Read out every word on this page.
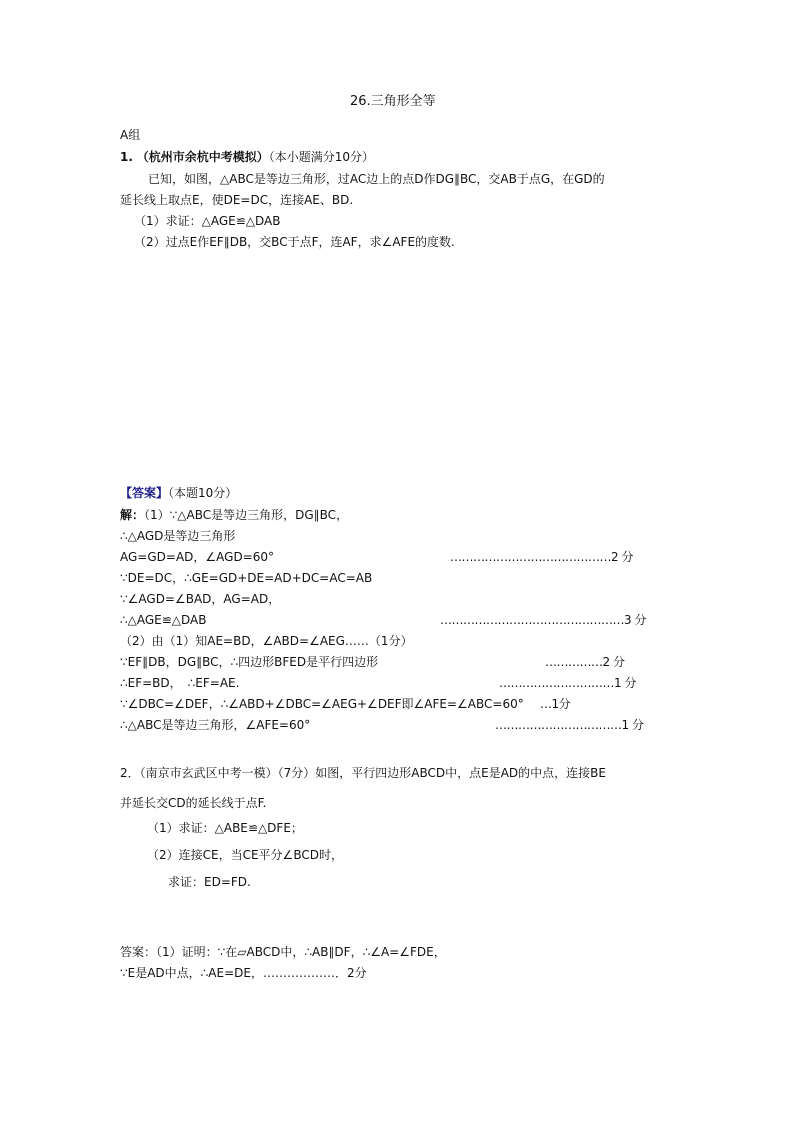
26.三角形全等
A组
1. （杭州市余杭中考模拟）（本小题满分10分）
已知，如图，△ABC是等边三角形，过AC边上的点D作DG∥BC，交AB于点G，在GD的
延长线上取点E，使DE=DC，连接AE、BD.
（1）求证：△AGE≌△DAB
（2）过点E作EF∥DB，交BC于点F，连AF，求∠AFE的度数.
【答案】（本题10分）
解：（1）∵△ABC是等边三角形，DG∥BC，
∴△AGD是等边三角形
AG=GD=AD，∠AGD=60°	……………………………………2 分
∵DE=DC，∴GE=GD+DE=AD+DC=AC=AB
∵∠AGD=∠BAD，AG=AD，
∴△AGE≌△DAB	…………………………………………3 分
（2）由（1）知AE=BD，∠ABD=∠AEG……（1分）
∵EF∥DB，DG∥BC，∴四边形BFED是平行四边形	……………2 分
∴EF=BD，　∴EF=AE.	…………………………1 分
∵∠DBC=∠DEF，∴∠ABD+∠DBC=∠AEG+∠DEF即∠AFE=∠ABC=60° …1分
∴△ABC是等边三角形，∠AFE=60°	……………………………1 分
2．（南京市玄武区中考一模）（7分）如图，平行四边形ABCD中，点E是AD的中点，连接BE
并延长交CD的延长线于点F.
（1）求证：△ABE≌△DFE；
（2）连接CE，当CE平分∠BCD时，
求证：ED=FD.
答案：（1）证明：∵在▱ABCD中，∴AB∥DF，∴∠A=∠FDE，
∵E是AD中点，∴AE=DE，………………．2分
